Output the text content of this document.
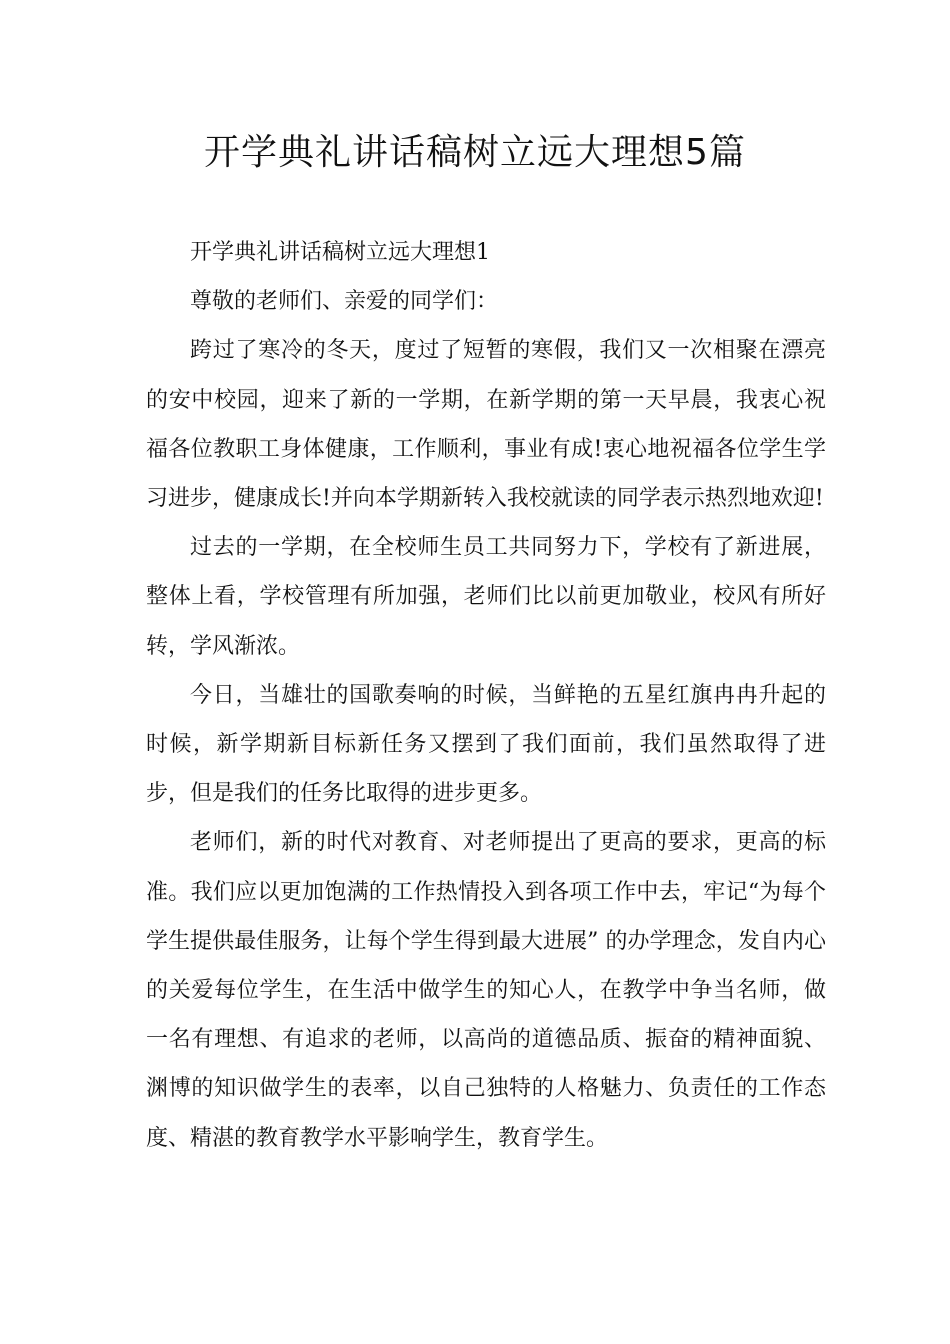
开学典礼讲话稿树立远大理想5篇

开学典礼讲话稿树立远大理想1

尊敬的老师们、亲爱的同学们：

跨过了寒冷的冬天，度过了短暂的寒假，我们又一次相聚在漂亮的安中校园，迎来了新的一学期，在新学期的第一天早晨，我衷心祝福各位教职工身体健康，工作顺利，事业有成!衷心地祝福各位学生学习进步，健康成长!并向本学期新转入我校就读的同学表示热烈地欢迎!

过去的一学期，在全校师生员工共同努力下，学校有了新进展，整体上看，学校管理有所加强，老师们比以前更加敬业，校风有所好转，学风渐浓。

今日，当雄壮的国歌奏响的时候，当鲜艳的五星红旗冉冉升起的时候，新学期新目标新任务又摆到了我们面前，我们虽然取得了进步，但是我们的任务比取得的进步更多。

老师们，新的时代对教育、对老师提出了更高的要求，更高的标准。我们应以更加饱满的工作热情投入到各项工作中去，牢记“为每个学生提供最佳服务，让每个学生得到最大进展” 的办学理念，发自内心的关爱每位学生，在生活中做学生的知心人，在教学中争当名师，做一名有理想、有追求的老师，以高尚的道德品质、振奋的精神面貌、渊博的知识做学生的表率，以自己独特的人格魅力、负责任的工作态度、精湛的教育教学水平影响学生，教育学生。
